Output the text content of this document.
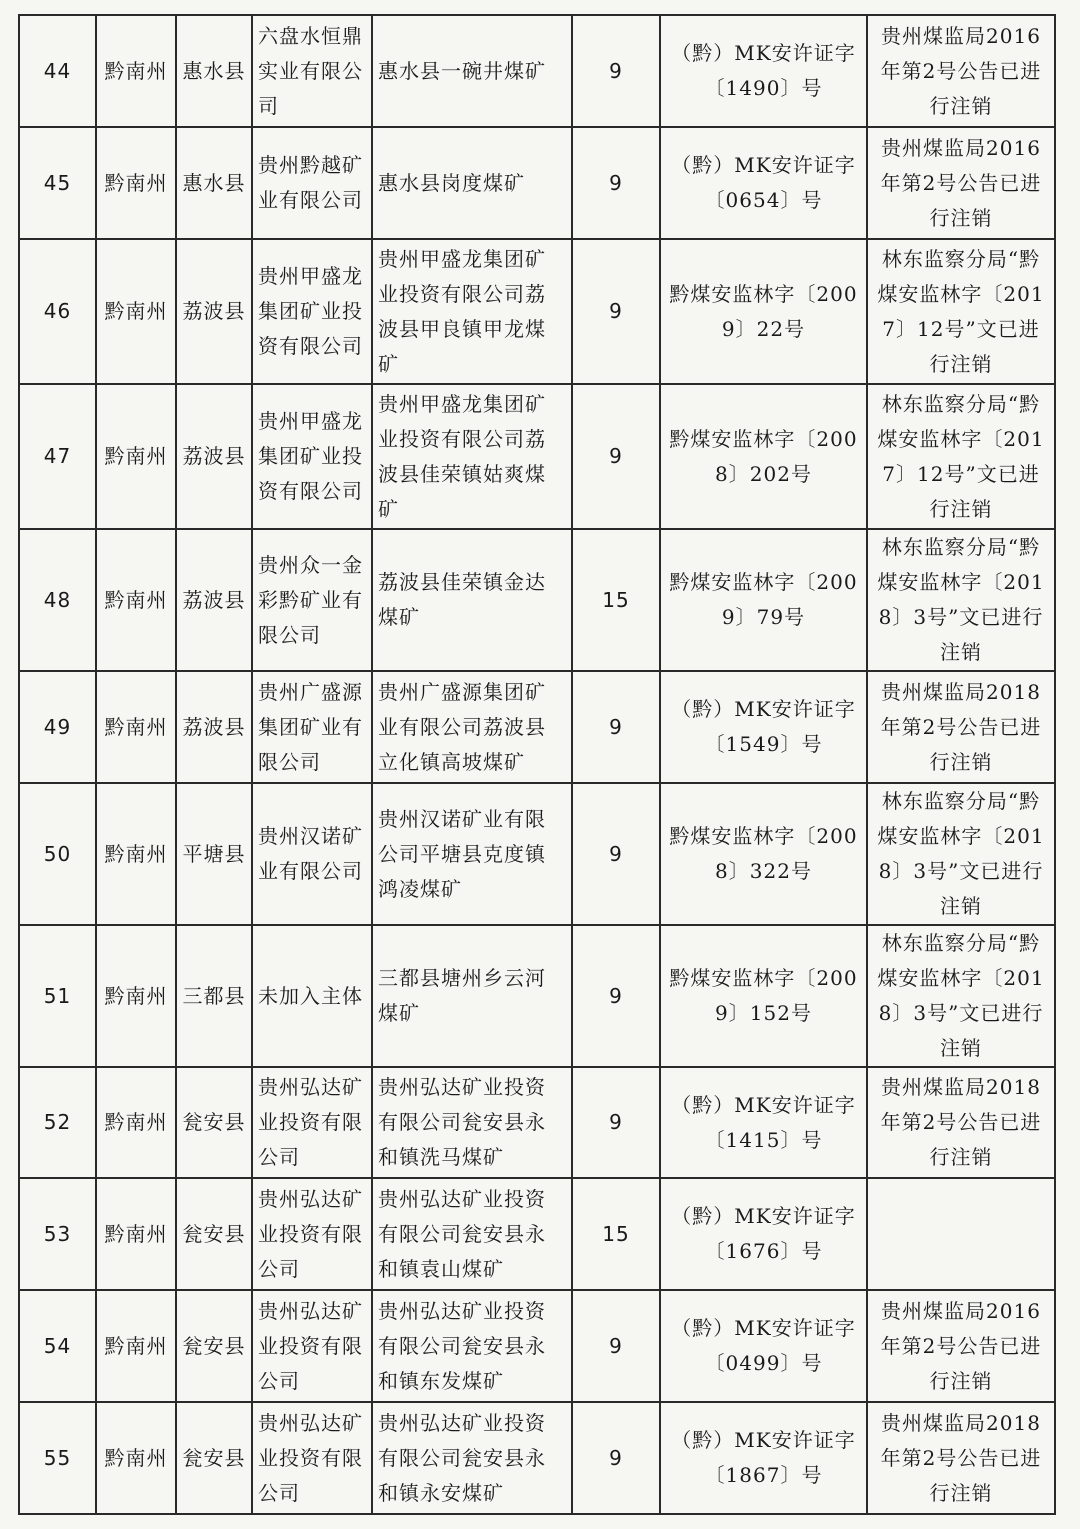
44	黔南州	惠水县	六盘水恒鼎实业有限公司	惠水县一碗井煤矿	9	（黔）MK安许证字〔1490〕号	贵州煤监局2016年第2号公告已进行注销
45	黔南州	惠水县	贵州黔越矿业有限公司	惠水县岗度煤矿	9	（黔）MK安许证字〔0654〕号	贵州煤监局2016年第2号公告已进行注销
46	黔南州	荔波县	贵州甲盛龙集团矿业投资有限公司	贵州甲盛龙集团矿业投资有限公司荔波县甲良镇甲龙煤矿	9	黔煤安监林字〔2009〕22号	林东监察分局“黔煤安监林字〔2017〕12号”文已进行注销
47	黔南州	荔波县	贵州甲盛龙集团矿业投资有限公司	贵州甲盛龙集团矿业投资有限公司荔波县佳荣镇姑爽煤矿	9	黔煤安监林字〔2008〕202号	林东监察分局“黔煤安监林字〔2017〕12号”文已进行注销
48	黔南州	荔波县	贵州众一金彩黔矿业有限公司	荔波县佳荣镇金达煤矿	15	黔煤安监林字〔2009〕79号	林东监察分局“黔煤安监林字〔2018〕3号”文已进行注销
49	黔南州	荔波县	贵州广盛源集团矿业有限公司	贵州广盛源集团矿业有限公司荔波县立化镇高坡煤矿	9	（黔）MK安许证字〔1549〕号	贵州煤监局2018年第2号公告已进行注销
50	黔南州	平塘县	贵州汉诺矿业有限公司	贵州汉诺矿业有限公司平塘县克度镇鸿凌煤矿	9	黔煤安监林字〔2008〕322号	林东监察分局“黔煤安监林字〔2018〕3号”文已进行注销
51	黔南州	三都县	未加入主体	三都县塘州乡云河煤矿	9	黔煤安监林字〔2009〕152号	林东监察分局“黔煤安监林字〔2018〕3号”文已进行注销
52	黔南州	瓮安县	贵州弘达矿业投资有限公司	贵州弘达矿业投资有限公司瓮安县永和镇洗马煤矿	9	（黔）MK安许证字〔1415〕号	贵州煤监局2018年第2号公告已进行注销
53	黔南州	瓮安县	贵州弘达矿业投资有限公司	贵州弘达矿业投资有限公司瓮安县永和镇袁山煤矿	15	（黔）MK安许证字〔1676〕号	
54	黔南州	瓮安县	贵州弘达矿业投资有限公司	贵州弘达矿业投资有限公司瓮安县永和镇东发煤矿	9	（黔）MK安许证字〔0499〕号	贵州煤监局2016年第2号公告已进行注销
55	黔南州	瓮安县	贵州弘达矿业投资有限公司	贵州弘达矿业投资有限公司瓮安县永和镇永安煤矿	9	（黔）MK安许证字〔1867〕号	贵州煤监局2018年第2号公告已进行注销
